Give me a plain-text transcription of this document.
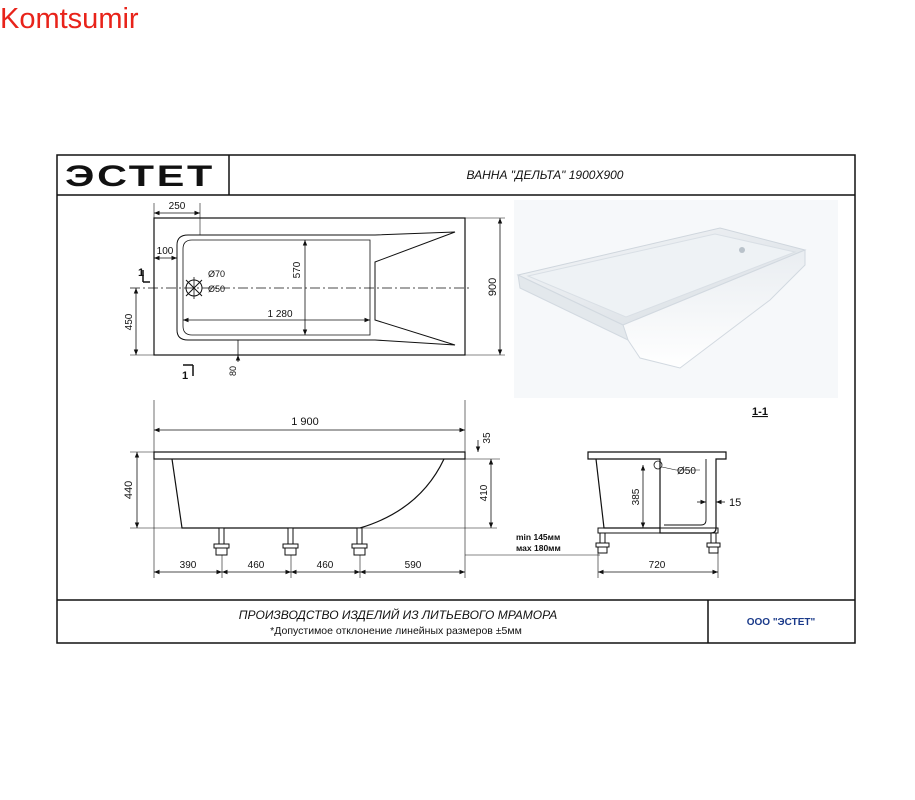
Komtsumir
ЭСТЕТ	ВАННА "ДЕЛЬТА" 1900X900
250
100
570
1 280
900
450
80
Ø70
Ø50
1
1
1-1
1 900
35
440	410
390	460	460	590
min 145мм
мах 180мм
Ø50
385	15
720
ПРОИЗВОДСТВО ИЗДЕЛИЙ ИЗ ЛИТЬЕВОГО МРАМОРА
*Допустимое отклонение линейных размеров ±5мм
ООО "ЭСТЕТ"
